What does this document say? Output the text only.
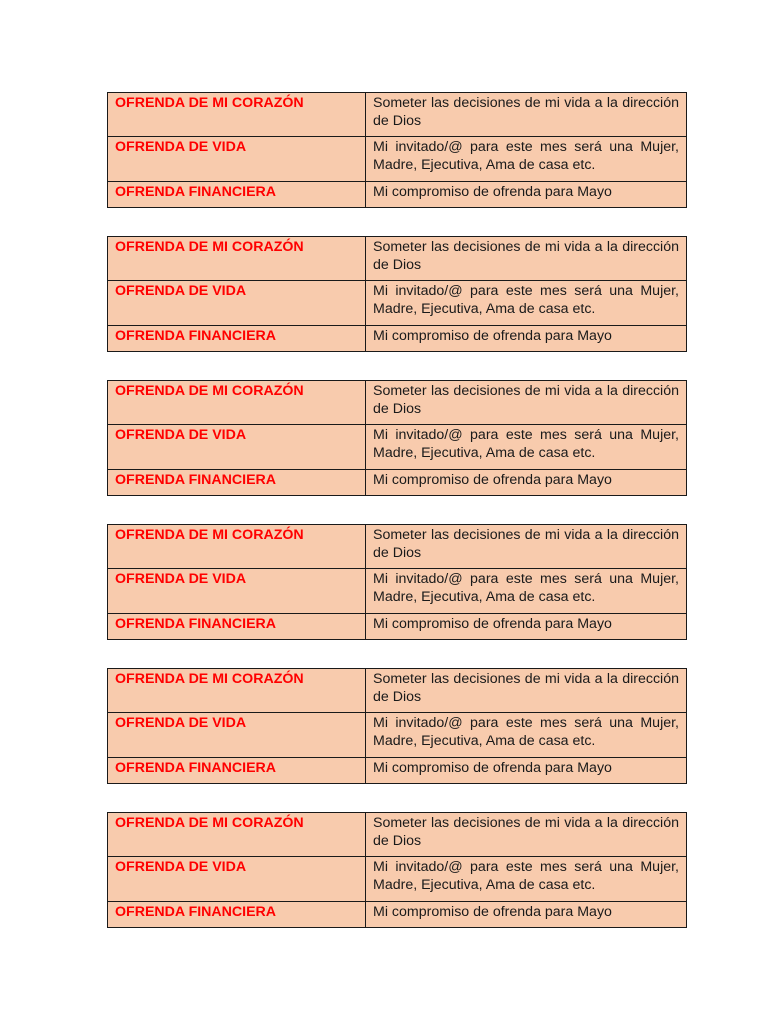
OFRENDA DE MI CORAZÓN	Someter las decisiones de mi vida a la dirección de Dios
OFRENDA DE VIDA	Mi invitado/@ para este mes será una Mujer, Madre, Ejecutiva, Ama de casa etc.
OFRENDA FINANCIERA	Mi compromiso de ofrenda para Mayo
OFRENDA DE MI CORAZÓN	Someter las decisiones de mi vida a la dirección de Dios
OFRENDA DE VIDA	Mi invitado/@ para este mes será una Mujer, Madre, Ejecutiva, Ama de casa etc.
OFRENDA FINANCIERA	Mi compromiso de ofrenda para Mayo
OFRENDA DE MI CORAZÓN	Someter las decisiones de mi vida a la dirección de Dios
OFRENDA DE VIDA	Mi invitado/@ para este mes será una Mujer, Madre, Ejecutiva, Ama de casa etc.
OFRENDA FINANCIERA	Mi compromiso de ofrenda para Mayo
OFRENDA DE MI CORAZÓN	Someter las decisiones de mi vida a la dirección de Dios
OFRENDA DE VIDA	Mi invitado/@ para este mes será una Mujer, Madre, Ejecutiva, Ama de casa etc.
OFRENDA FINANCIERA	Mi compromiso de ofrenda para Mayo
OFRENDA DE MI CORAZÓN	Someter las decisiones de mi vida a la dirección de Dios
OFRENDA DE VIDA	Mi invitado/@ para este mes será una Mujer, Madre, Ejecutiva, Ama de casa etc.
OFRENDA FINANCIERA	Mi compromiso de ofrenda para Mayo
OFRENDA DE MI CORAZÓN	Someter las decisiones de mi vida a la dirección de Dios
OFRENDA DE VIDA	Mi invitado/@ para este mes será una Mujer, Madre, Ejecutiva, Ama de casa etc.
OFRENDA FINANCIERA	Mi compromiso de ofrenda para Mayo
